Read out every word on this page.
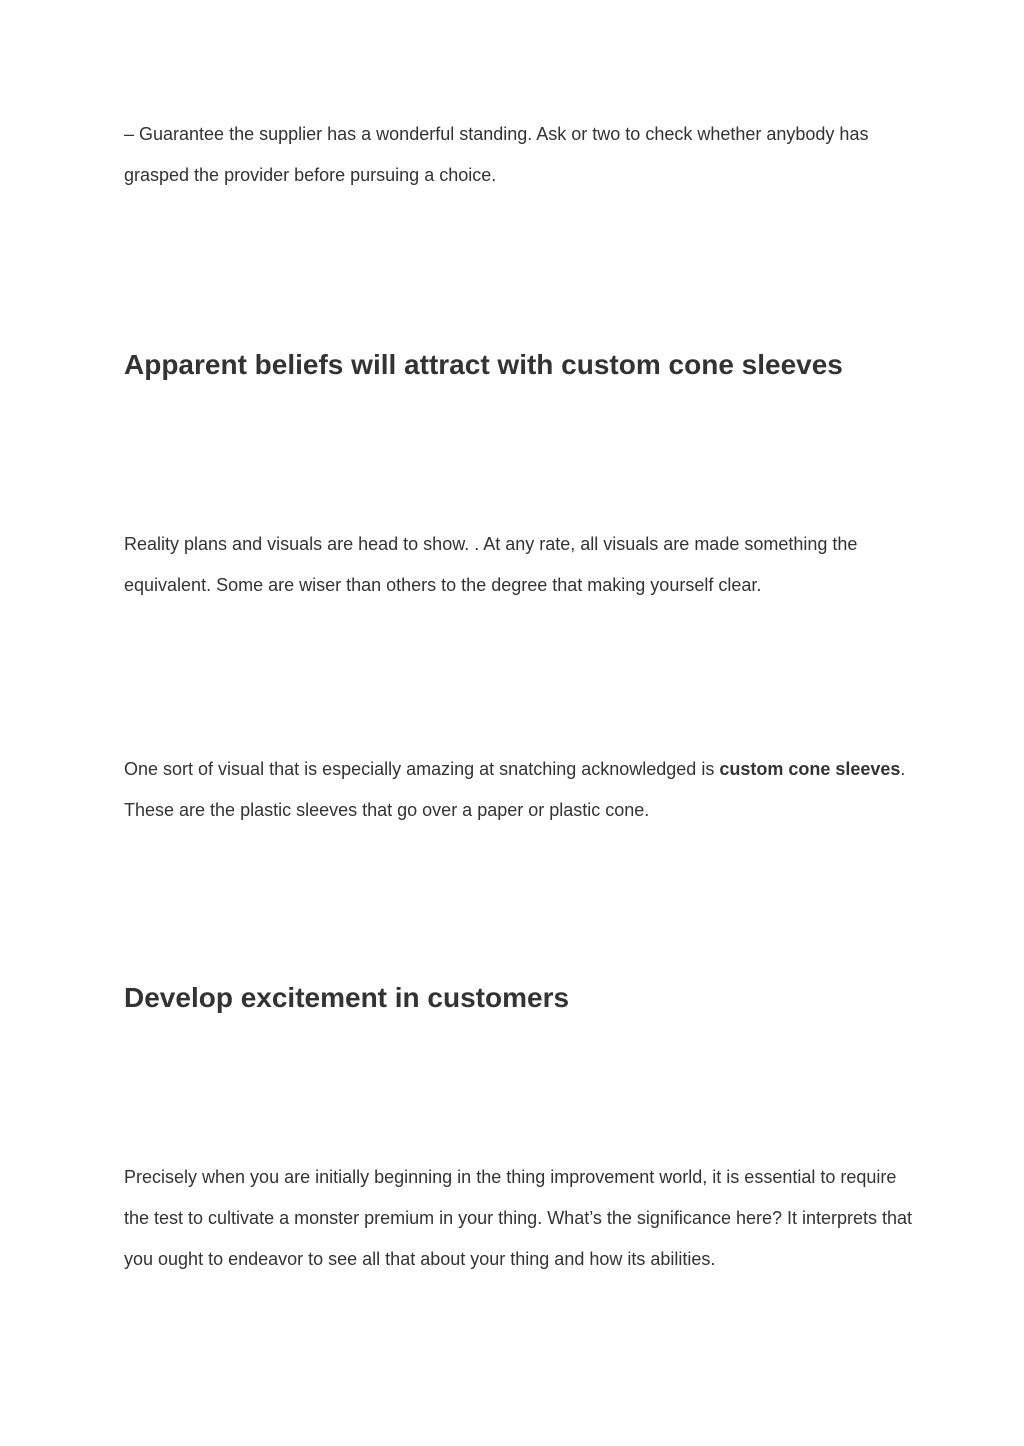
– Guarantee the supplier has a wonderful standing. Ask or two to check whether anybody has grasped the provider before pursuing a choice.

Apparent beliefs will attract with custom cone sleeves

Reality plans and visuals are head to show. . At any rate, all visuals are made something the equivalent. Some are wiser than others to the degree that making yourself clear.

One sort of visual that is especially amazing at snatching acknowledged is custom cone sleeves. These are the plastic sleeves that go over a paper or plastic cone.

Develop excitement in customers

Precisely when you are initially beginning in the thing improvement world, it is essential to require the test to cultivate a monster premium in your thing. What’s the significance here? It interprets that you ought to endeavor to see all that about your thing and how its abilities.
